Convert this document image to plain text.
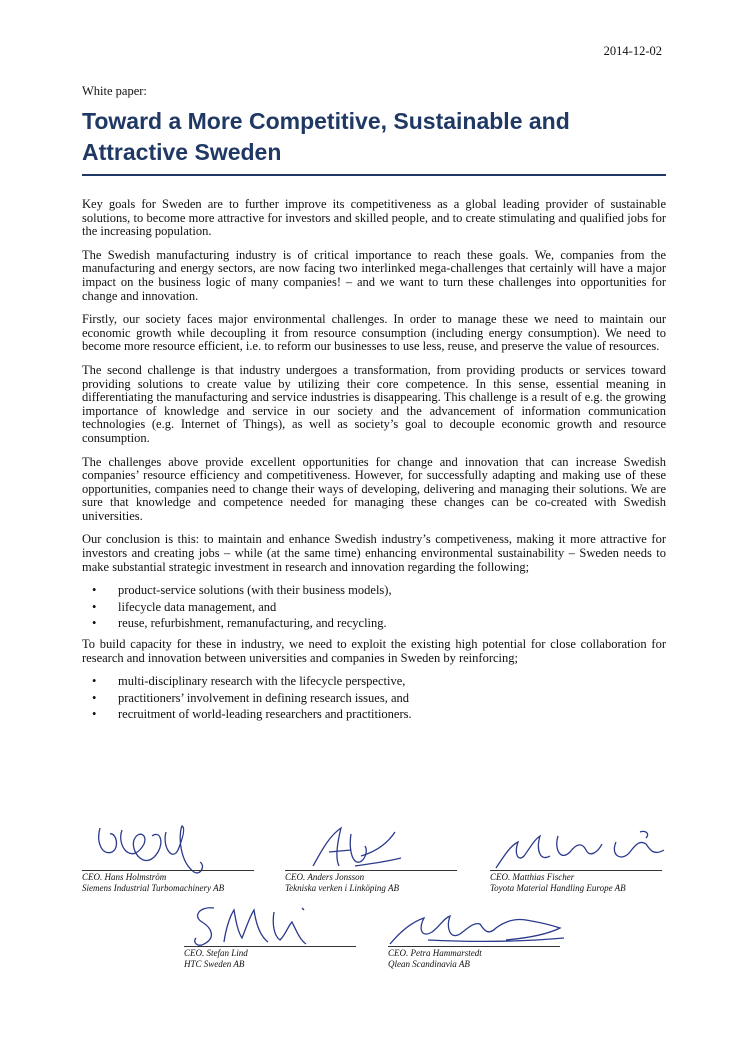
2014-12-02
White paper:
Toward a More Competitive, Sustainable and Attractive Sweden

Key goals for Sweden are to further improve its competitiveness as a global leading provider of sustainable solutions, to become more attractive for investors and skilled people, and to create stimulating and qualified jobs for the increasing population.

The Swedish manufacturing industry is of critical importance to reach these goals. We, companies from the manufacturing and energy sectors, are now facing two interlinked mega-challenges that certainly will have a major impact on the business logic of many companies! – and we want to turn these challenges into opportunities for change and innovation.

Firstly, our society faces major environmental challenges. In order to manage these we need to maintain our economic growth while decoupling it from resource consumption (including energy consumption). We need to become more resource efficient, i.e. to reform our businesses to use less, reuse, and preserve the value of resources.

The second challenge is that industry undergoes a transformation, from providing products or services toward providing solutions to create value by utilizing their core competence. In this sense, essential meaning in differentiating the manufacturing and service industries is disappearing. This challenge is a result of e.g. the growing importance of knowledge and service in our society and the advancement of information communication technologies (e.g. Internet of Things), as well as society’s goal to decouple economic growth and resource consumption.

The challenges above provide excellent opportunities for change and innovation that can increase Swedish companies’ resource efficiency and competitiveness. However, for successfully adapting and making use of these opportunities, companies need to change their ways of developing, delivering and managing their solutions. We are sure that knowledge and competence needed for managing these changes can be co-created with Swedish universities.

Our conclusion is this: to maintain and enhance Swedish industry’s competiveness, making it more attractive for investors and creating jobs – while (at the same time) enhancing environmental sustainability – Sweden needs to make substantial strategic investment in research and innovation regarding the following;

• product-service solutions (with their business models),
• lifecycle data management, and
• reuse, refurbishment, remanufacturing, and recycling.

To build capacity for these in industry, we need to exploit the existing high potential for close collaboration for research and innovation between universities and companies in Sweden by reinforcing;

• multi-disciplinary research with the lifecycle perspective,
• practitioners’ involvement in defining research issues, and
• recruitment of world-leading researchers and practitioners.
CEO. Hans Holmström
Siemens Industrial Turbomachinery AB
CEO. Anders Jonsson
Tekniska verken i Linköping AB
CEO. Matthias Fischer
Toyota Material Handling Europe AB
CEO. Stefan Lind
HTC Sweden AB
CEO. Petra Hammarstedt
Qlean Scandinavia AB
